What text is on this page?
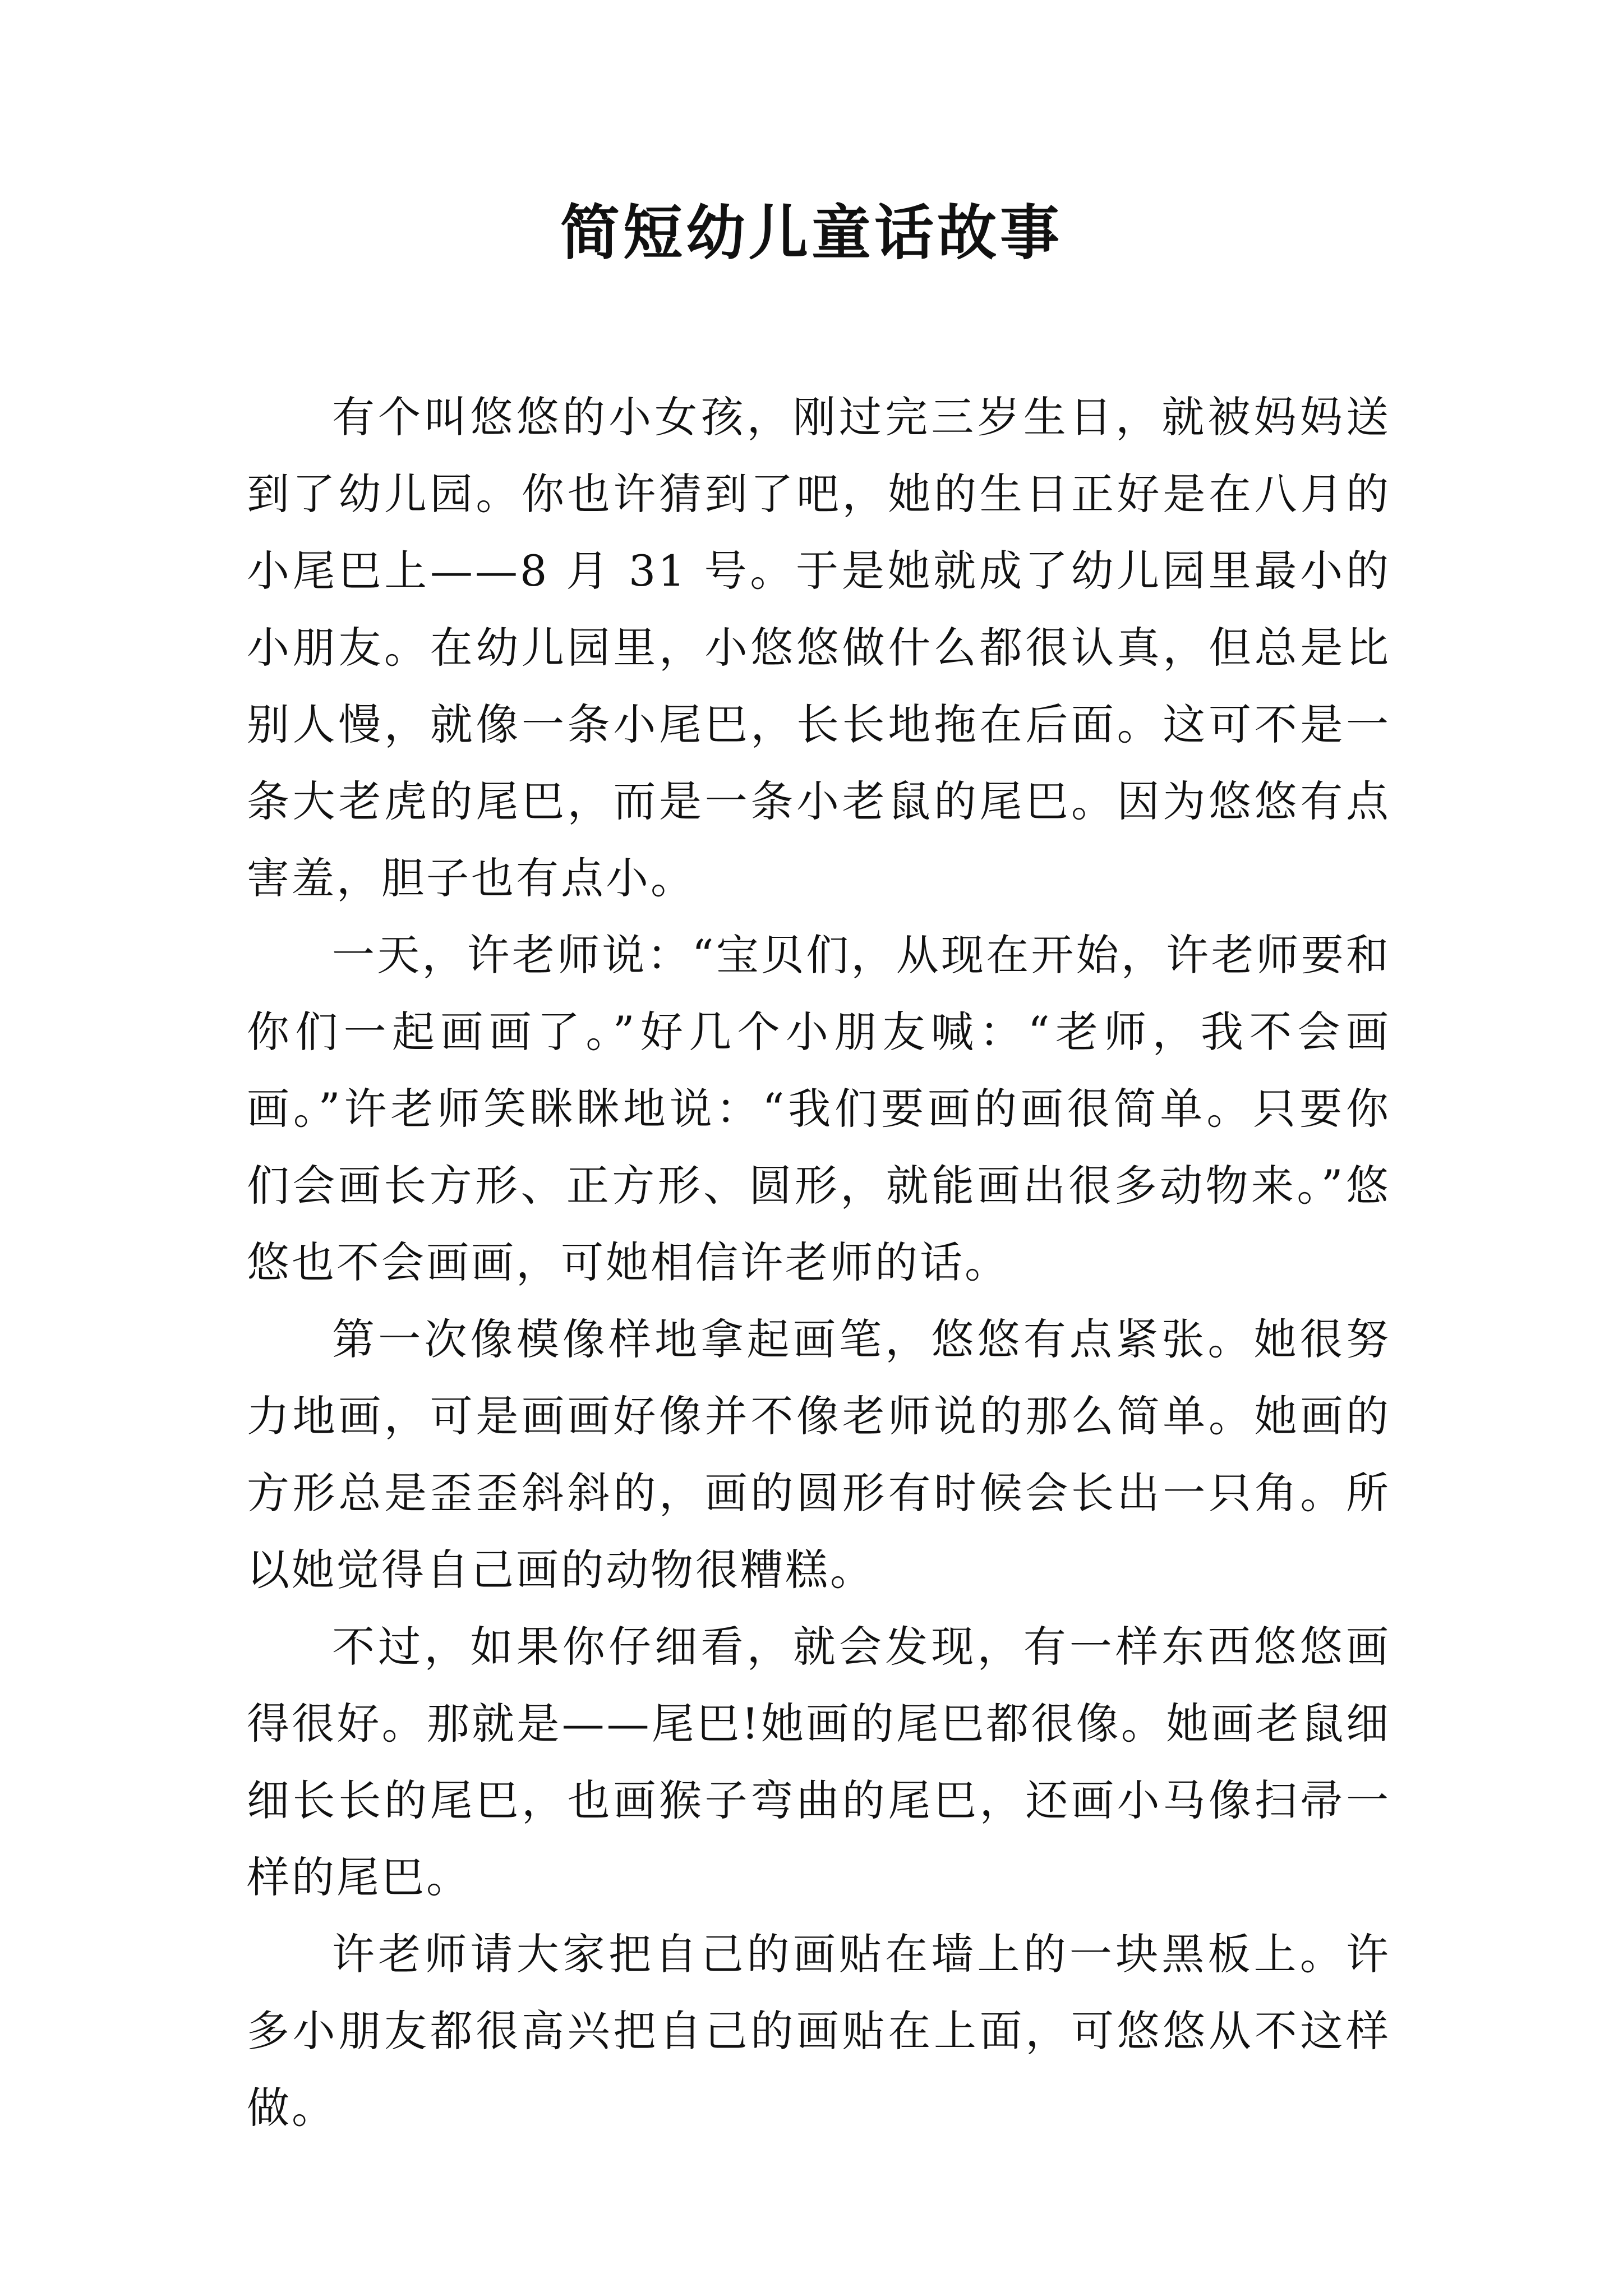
简短幼儿童话故事

有个叫悠悠的小女孩，刚过完三岁生日，就被妈妈送到了幼儿园。你也许猜到了吧，她的生日正好是在八月的小尾巴上——8 月 31 号。于是她就成了幼儿园里最小的小朋友。在幼儿园里，小悠悠做什么都很认真，但总是比别人慢，就像一条小尾巴，长长地拖在后面。这可不是一条大老虎的尾巴，而是一条小老鼠的尾巴。因为悠悠有点害羞，胆子也有点小。

一天，许老师说：“宝贝们，从现在开始，许老师要和你们一起画画了。”好几个小朋友喊：“老师，我不会画画。”许老师笑眯眯地说：“我们要画的画很简单。只要你们会画长方形、正方形、圆形，就能画出很多动物来。”悠悠也不会画画，可她相信许老师的话。

第一次像模像样地拿起画笔，悠悠有点紧张。她很努力地画，可是画画好像并不像老师说的那么简单。她画的方形总是歪歪斜斜的，画的圆形有时候会长出一只角。所以她觉得自己画的动物很糟糕。

不过，如果你仔细看，就会发现，有一样东西悠悠画得很好。那就是——尾巴!她画的尾巴都很像。她画老鼠细细长长的尾巴，也画猴子弯曲的尾巴，还画小马像扫帚一样的尾巴。

许老师请大家把自己的画贴在墙上的一块黑板上。许多小朋友都很高兴把自己的画贴在上面，可悠悠从不这样做。
